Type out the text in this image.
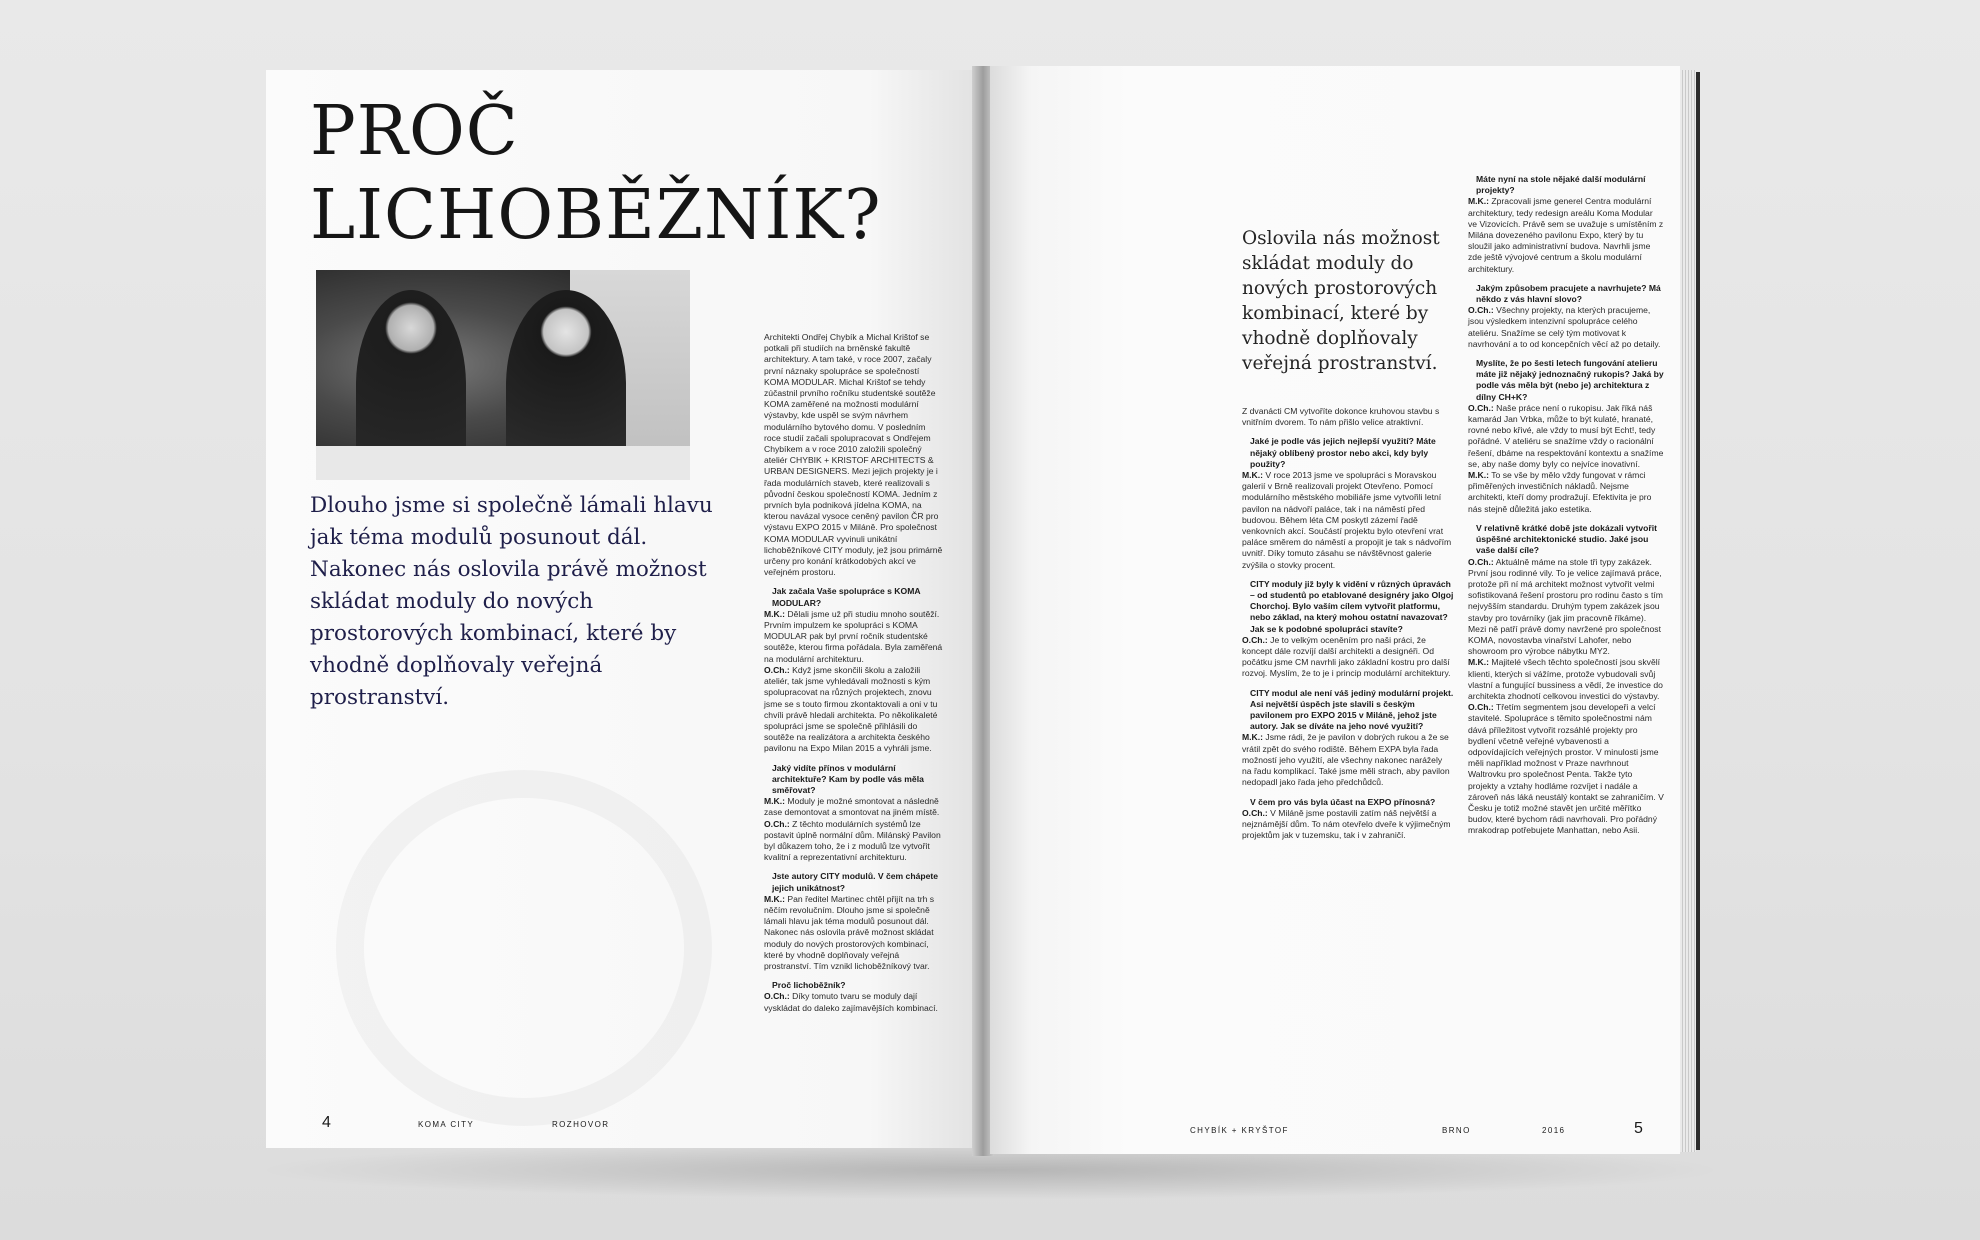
PROČ
LICHOBĚŽNÍK?

Dlouho jsme si společně lámali hlavu jak téma modulů posunout dál. Nakonec nás oslovila právě možnost skládat moduly do nových prostorových kombinací, které by vhodně doplňovaly veřejná prostranství.

Architekti Ondřej Chybík a Michal Krištof se potkali při studiích na brněnské fakultě architektury. A tam také, v roce 2007, začaly první náznaky spolupráce se společností KOMA MODULAR. Michal Krištof se tehdy zúčastnil prvního ročníku studentské soutěže KOMA zaměřené na možnosti modulární výstavby, kde uspěl se svým návrhem modulárního bytového domu. V posledním roce studií začali spolupracovat s Ondřejem Chybíkem a v roce 2010 založili společný ateliér CHYBIK + KRISTOF ARCHITECTS & URBAN DESIGNERS. Mezi jejich projekty je i řada modulárních staveb, které realizovali s původní českou společností KOMA. Jedním z prvních byla podniková jídelna KOMA, na kterou navázal vysoce ceněný pavilon ČR pro výstavu EXPO 2015 v Miláně. Pro společnost KOMA MODULAR vyvinuli unikátní lichoběžníkové CITY moduly, jež jsou primárně určeny pro konání krátkodobých akcí ve veřejném prostoru.

Jak začala Vaše spolupráce s KOMA MODULAR?

M.K.: Dělali jsme už při studiu mnoho soutěží. Prvním impulzem ke spolupráci s KOMA MODULAR pak byl první ročník studentské soutěže, kterou firma pořádala. Byla zaměřená na modulární architekturu.

O.Ch.: Když jsme skončili školu a založili ateliér, tak jsme vyhledávali možnosti s kým spolupracovat na různých projektech, znovu jsme se s touto firmou zkontaktovali a oni v tu chvíli právě hledali architekta. Po několikaleté spolupráci jsme se společně přihlásili do soutěže na realizátora a architekta českého pavilonu na Expo Milan 2015 a vyhráli jsme.

Jaký vidíte přínos v modulární architektuře? Kam by podle vás měla směřovat?

M.K.: Moduly je možné smontovat a následně zase demontovat a smontovat na jiném místě.

O.Ch.: Z těchto modulárních systémů lze postavit úplně normální dům. Milánský Pavilon byl důkazem toho, že i z modulů lze vytvořit kvalitní a reprezentativní architekturu.

Jste autory CITY modulů. V čem chápete jejich unikátnost?

M.K.: Pan ředitel Martinec chtěl přijít na trh s něčím revolučním. Dlouho jsme si společně lámali hlavu jak téma modulů posunout dál. Nakonec nás oslovila právě možnost skládat moduly do nových prostorových kombinací, které by vhodně doplňovaly veřejná prostranství. Tím vznikl lichoběžníkový tvar.

Proč lichoběžník?

O.Ch.: Díky tomuto tvaru se moduly dají vyskládat do daleko zajímavějších kombinací.

4	KOMA CITY	ROZHOVOR

Oslovila nás možnost skládat moduly do nových prostorových kombinací, které by vhodně doplňovaly veřejná prostranství.

Z dvanácti CM vytvoříte dokonce kruhovou stavbu s vnitřním dvorem. To nám přišlo velice atraktivní.

Jaké je podle vás jejich nejlepší využití? Máte nějaký oblíbený prostor nebo akci, kdy byly použity?

M.K.: V roce 2013 jsme ve spolupráci s Moravskou galerií v Brně realizovali projekt Otevřeno. Pomocí modulárního městského mobiliáře jsme vytvořili letní pavilon na nádvoří paláce, tak i na náměstí před budovou. Během léta CM poskytl zázemí řadě venkovních akcí. Součástí projektu bylo otevření vrat paláce směrem do náměstí a propojit je tak s nádvořím uvnitř. Díky tomuto zásahu se návštěvnost galerie zvýšila o stovky procent.

CITY moduly již byly k vidění v různých úpravách – od studentů po etablované designéry jako Olgoj Chorchoj. Bylo vaším cílem vytvořit platformu, nebo základ, na který mohou ostatní navazovat? Jak se k podobné spolupráci stavíte?

O.Ch.: Je to velkým oceněním pro naši práci, že koncept dále rozvíjí další architekti a designéři. Od počátku jsme CM navrhli jako základní kostru pro další rozvoj. Myslím, že to je i princip modulární architektury.

CITY modul ale není váš jediný modulární projekt. Asi největší úspěch jste slavili s českým pavilonem pro EXPO 2015 v Miláně, jehož jste autory. Jak se díváte na jeho nové využití?

M.K.: Jsme rádi, že je pavilon v dobrých rukou a že se vrátil zpět do svého rodiště. Během EXPA byla řada možností jeho využití, ale všechny nakonec narážely na řadu komplikací. Také jsme měli strach, aby pavilon nedopadl jako řada jeho předchůdců.

V čem pro vás byla účast na EXPO přínosná?

O.Ch.: V Miláně jsme postavili zatím náš největší a nejznámější dům. To nám otevřelo dveře k výjimečným projektům jak v tuzemsku, tak i v zahraničí.

Máte nyní na stole nějaké další modulární projekty?

M.K.: Zpracovali jsme generel Centra modulární architektury, tedy redesign areálu Koma Modular ve Vizovicích. Právě sem se uvažuje s umístěním z Milána dovezeného pavilonu Expo, který by tu sloužil jako administrativní budova. Navrhli jsme zde ještě vývojové centrum a školu modulární architektury.

Jakým způsobem pracujete a navrhujete? Má někdo z vás hlavní slovo?

O.Ch.: Všechny projekty, na kterých pracujeme, jsou výsledkem intenzivní spolupráce celého ateliéru. Snažíme se celý tým motivovat k navrhování a to od koncepčních věcí až po detaily.

Myslíte, že po šesti letech fungování atelieru máte již nějaký jednoznačný rukopis? Jaká by podle vás měla být (nebo je) architektura z dílny CH+K?

O.Ch.: Naše práce není o rukopisu. Jak říká náš kamarád Jan Vrbka, může to být kulaté, hranaté, rovné nebo křivé, ale vždy to musí být Echt!, tedy pořádné. V ateliéru se snažíme vždy o racionální řešení, dbáme na respektování kontextu a snažíme se, aby naše domy byly co nejvíce inovativní.

M.K.: To se vše by mělo vždy fungovat v rámci přiměřených investičních nákladů. Nejsme architekti, kteří domy prodražují. Efektivita je pro nás stejně důležitá jako estetika.

V relativně krátké době jste dokázali vytvořit úspěšné architektonické studio. Jaké jsou vaše další cíle?

O.Ch.: Aktuálně máme na stole tři typy zakázek. První jsou rodinné vily. To je velice zajímavá práce, protože při ní má architekt možnost vytvořit velmi sofistikovaná řešení prostoru pro rodinu často s tím nejvyšším standardu. Druhým typem zakázek jsou stavby pro továrníky (jak jim pracovně říkáme). Mezi ně patří právě domy navržené pro společnost KOMA, novostavba vinařství Lahofer, nebo showroom pro výrobce nábytku MY2.

M.K.: Majitelé všech těchto společností jsou skvělí klienti, kterých si vážíme, protože vybudovali svůj vlastní a fungující bussiness a vědí, že investice do architekta zhodnotí celkovou investici do výstavby.

O.Ch.: Třetím segmentem jsou developeři a velcí stavitelé. Spolupráce s těmito společnostmi nám dává příležitost vytvořit rozsáhlé projekty pro bydlení včetně veřejné vybavenosti a odpovídajících veřejných prostor. V minulosti jsme měli například možnost v Praze navrhnout Waltrovku pro společnost Penta. Takže tyto projekty a vztahy hodláme rozvíjet i nadále a zároveň nás láká neustálý kontakt se zahraničím. V Česku je totiž možné stavět jen určité měřítko budov, které bychom rádi navrhovali. Pro pořádný mrakodrap potřebujete Manhattan, nebo Asii.

CHYBÍK + KRYŠTOF	BRNO	2016	5
